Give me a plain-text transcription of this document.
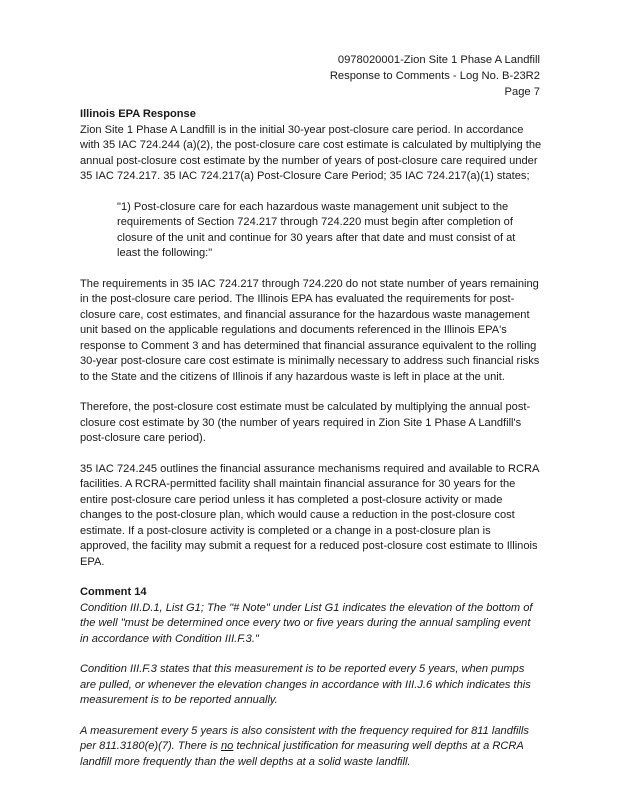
0978020001-Zion Site 1 Phase A Landfill
Response to Comments - Log No. B-23R2
Page 7

Illinois EPA Response

Zion Site 1 Phase A Landfill is in the initial 30-year post-closure care period. In accordance with 35 IAC 724.244 (a)(2), the post-closure care cost estimate is calculated by multiplying the annual post-closure cost estimate by the number of years of post-closure care required under 35 IAC 724.217. 35 IAC 724.217(a) Post-Closure Care Period; 35 IAC 724.217(a)(1) states;

"1) Post-closure care for each hazardous waste management unit subject to the requirements of Section 724.217 through 724.220 must begin after completion of closure of the unit and continue for 30 years after that date and must consist of at least the following:"

The requirements in 35 IAC 724.217 through 724.220 do not state number of years remaining in the post-closure care period. The Illinois EPA has evaluated the requirements for post-closure care, cost estimates, and financial assurance for the hazardous waste management unit based on the applicable regulations and documents referenced in the Illinois EPA's response to Comment 3 and has determined that financial assurance equivalent to the rolling 30-year post-closure care cost estimate is minimally necessary to address such financial risks to the State and the citizens of Illinois if any hazardous waste is left in place at the unit.

Therefore, the post-closure cost estimate must be calculated by multiplying the annual post-closure cost estimate by 30 (the number of years required in Zion Site 1 Phase A Landfill's post-closure care period).

35 IAC 724.245 outlines the financial assurance mechanisms required and available to RCRA facilities. A RCRA-permitted facility shall maintain financial assurance for 30 years for the entire post-closure care period unless it has completed a post-closure activity or made changes to the post-closure plan, which would cause a reduction in the post-closure cost estimate. If a post-closure activity is completed or a change in a post-closure plan is approved, the facility may submit a request for a reduced post-closure cost estimate to Illinois EPA.

Comment 14

Condition III.D.1, List G1; The "# Note" under List G1 indicates the elevation of the bottom of the well "must be determined once every two or five years during the annual sampling event in accordance with Condition III.F.3."

Condition III.F.3 states that this measurement is to be reported every 5 years, when pumps are pulled, or whenever the elevation changes in accordance with III.J.6 which indicates this measurement is to be reported annually.

A measurement every 5 years is also consistent with the frequency required for 811 landfills per 811.3180(e)(7). There is no technical justification for measuring well depths at a RCRA landfill more frequently than the well depths at a solid waste landfill.
